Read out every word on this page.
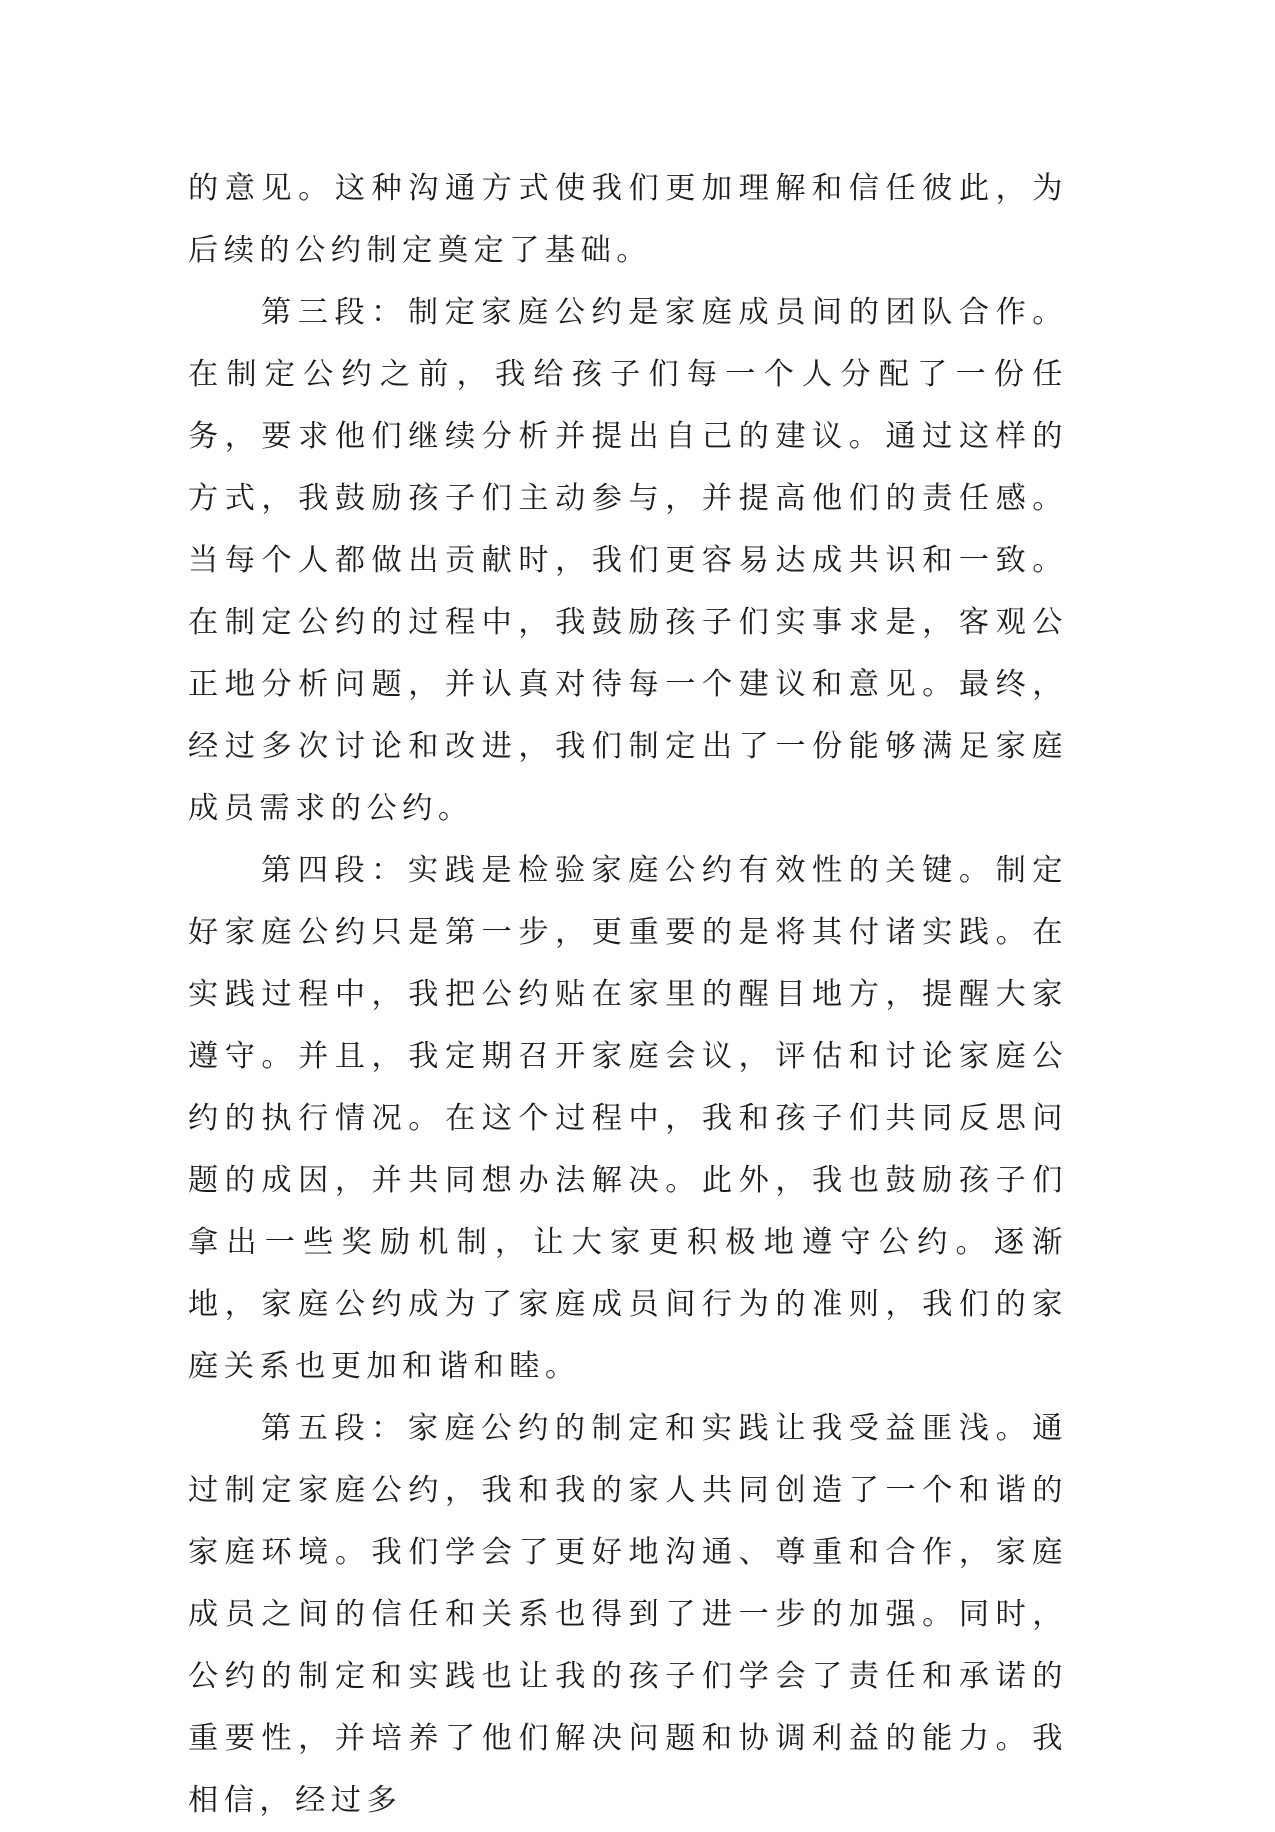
的意见。这种沟通方式使我们更加理解和信任彼此，为后续的公约制定奠定了基础。

第三段：制定家庭公约是家庭成员间的团队合作。在制定公约之前，我给孩子们每一个人分配了一份任务，要求他们继续分析并提出自己的建议。通过这样的方式，我鼓励孩子们主动参与，并提高他们的责任感。当每个人都做出贡献时，我们更容易达成共识和一致。在制定公约的过程中，我鼓励孩子们实事求是，客观公正地分析问题，并认真对待每一个建议和意见。最终，经过多次讨论和改进，我们制定出了一份能够满足家庭成员需求的公约。

第四段：实践是检验家庭公约有效性的关键。制定好家庭公约只是第一步，更重要的是将其付诸实践。在实践过程中，我把公约贴在家里的醒目地方，提醒大家遵守。并且，我定期召开家庭会议，评估和讨论家庭公约的执行情况。在这个过程中，我和孩子们共同反思问题的成因，并共同想办法解决。此外，我也鼓励孩子们拿出一些奖励机制，让大家更积极地遵守公约。逐渐地，家庭公约成为了家庭成员间行为的准则，我们的家庭关系也更加和谐和睦。

第五段：家庭公约的制定和实践让我受益匪浅。通过制定家庭公约，我和我的家人共同创造了一个和谐的家庭环境。我们学会了更好地沟通、尊重和合作，家庭成员之间的信任和关系也得到了进一步的加强。同时，公约的制定和实践也让我的孩子们学会了责任和承诺的重要性，并培养了他们解决问题和协调利益的能力。我相信，经过多
